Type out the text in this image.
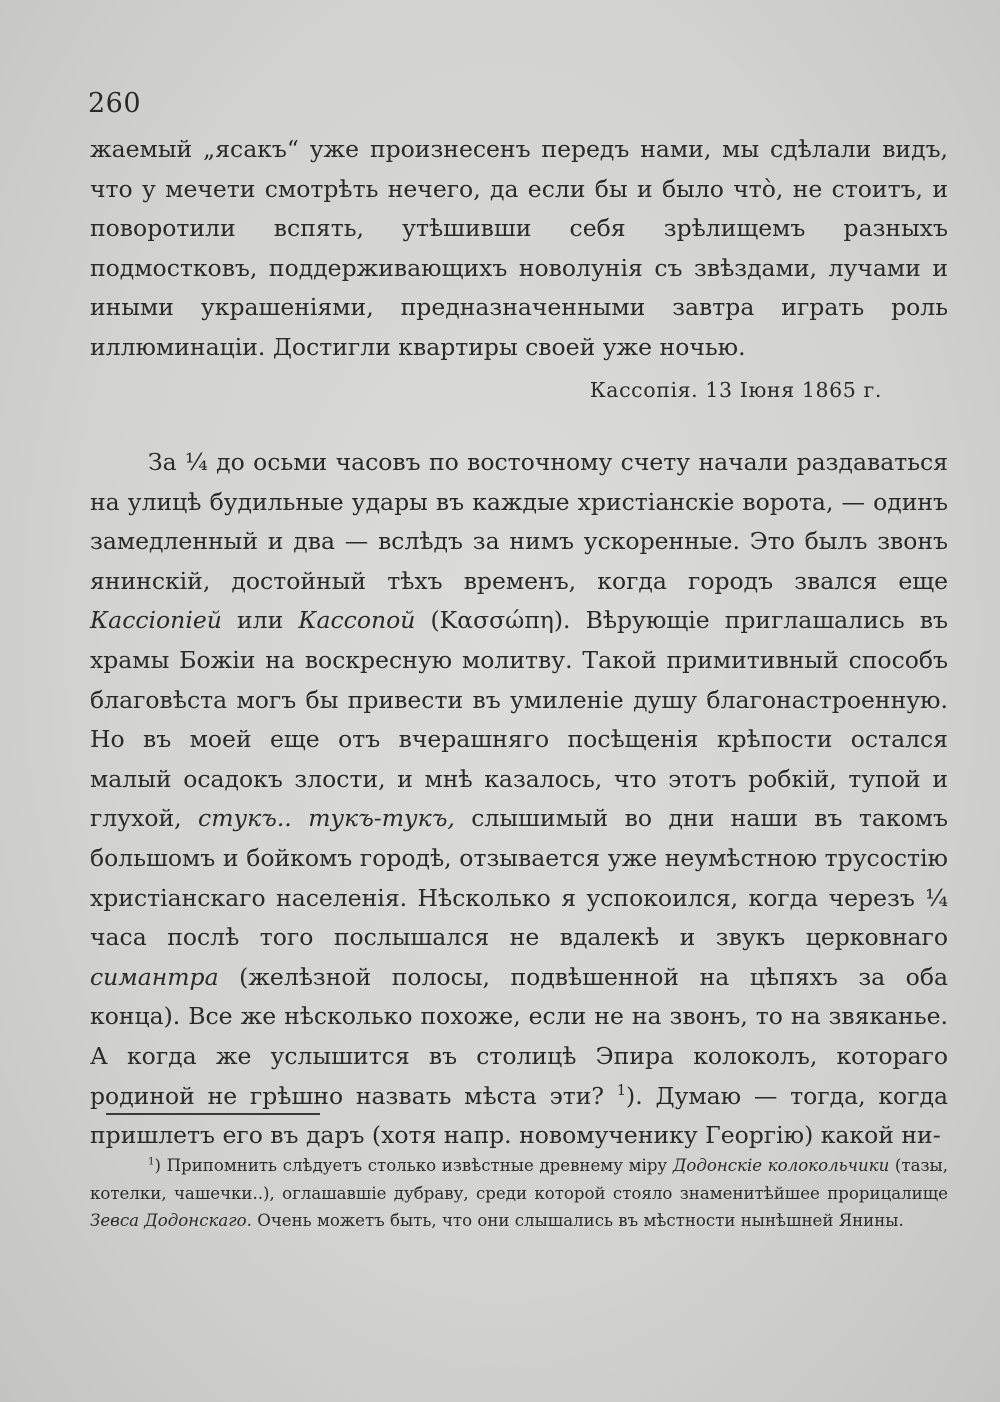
260

жаемый „ясакъ“ уже произнесенъ передъ нами, мы сдѣлали видъ, что у мечети смотрѣть нечего, да если бы и было что̀, не стоитъ, и поворотили вспять, утѣшивши себя зрѣлищемъ разныхъ подмостковъ, поддерживающихъ новолунія съ звѣздами, лучами и иными украшеніями, предназначенными завтра играть роль иллюминаціи. Достигли квартиры своей уже ночью.

Кассопія. 13 Іюня 1865 г.

За ¼ до осьми часовъ по восточному счету начали раздаваться на улицѣ будильные удары въ каждые христіанскіе ворота, — одинъ замедленный и два — вслѣдъ за нимъ ускоренные. Это былъ звонъ янинскій, достойный тѣхъ временъ, когда городъ звался еще Кассіопіей или Кассопой (Κασσώπη). Вѣрующіе приглашались въ храмы Божіи на воскресную молитву. Такой примитивный способъ благовѣста могъ бы привести въ умиленіе душу благонастроенную. Но въ моей еще отъ вчерашняго посѣщенія крѣпости остался малый осадокъ злости, и мнѣ казалось, что этотъ робкій, тупой и глухой, стукъ.. тукъ-тукъ, слышимый во дни наши въ такомъ большомъ и бойкомъ городѣ, отзывается уже неумѣстною трусостію христіанскаго населенія. Нѣсколько я успокоился, когда черезъ ¼ часа послѣ того послышался не вдалекѣ и звукъ церковнаго симантра (желѣзной полосы, подвѣшенной на цѣпяхъ за оба конца). Все же нѣсколько похоже, если не на звонъ, то на звяканье. А когда же услышится въ столицѣ Эпира колоколъ, котораго родиной не грѣшно назвать мѣста эти? $^1$). Думаю — тогда, когда пришлетъ его въ даръ (хотя напр. новомученику Георгію) какой ни-

$^1$) Припомнить слѣдуетъ столько извѣстные древнему міру Додонскіе колокольчики (тазы, котелки, чашечки..), оглашавшіе дубраву, среди которой стояло знаменитѣйшее прорицалище Зевса Додонскаго. Очень можетъ быть, что они слышались въ мѣстности нынѣшней Янины.
